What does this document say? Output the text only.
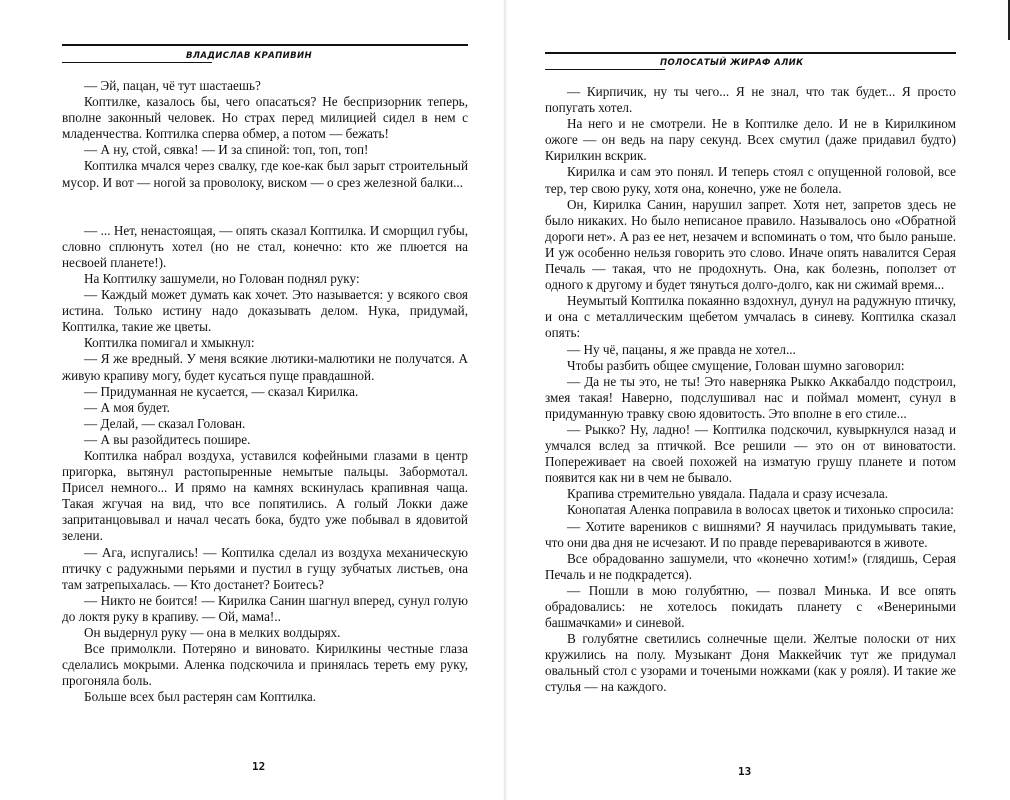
ВЛАДИСЛАВ КРАПИВИН

— Эй, пацан, чё тут шастаешь?

Коптилке, казалось бы, чего опасаться? Не беспризорник теперь, вполне законный человек. Но страх перед милицией сидел в нем с младенчества. Коптилка сперва обмер, а потом — бежать!

— А ну, стой, сявка! — И за спиной: топ, топ, топ!

Коптилка мчался через свалку, где кое-как был зарыт строительный мусор. И вот — ногой за проволоку, виском — о срез железной балки...

— ... Нет, ненастоящая, — опять сказал Коптилка. И сморщил губы, словно сплюнуть хотел (но не стал, конечно: кто же плюется на несвоей планете!).

На Коптилку зашумели, но Голован поднял руку:

— Каждый может думать как хочет. Это называется: у всякого своя истина. Только истину надо доказывать делом. Нука, придумай, Коптилка, такие же цветы.

Коптилка помигал и хмыкнул:

— Я же вредный. У меня всякие лютики-малютики не получатся. А живую крапиву могу, будет кусаться пуще правдашной.

— Придуманная не кусается, — сказал Кирилка.

— А моя будет.

— Делай, — сказал Голован.

— А вы разойдитесь пошире.

Коптилка набрал воздуха, уставился кофейными глазами в центр пригорка, вытянул растопыренные немытые пальцы. Забормотал. Присел немного... И прямо на камнях вскинулась крапивная чаща. Такая жгучая на вид, что все попятились. А голый Локки даже запританцовывал и начал чесать бока, будто уже побывал в ядовитой зелени.

— Ага, испугались! — Коптилка сделал из воздуха механическую птичку с радужными перьями и пустил в гущу зубчатых листьев, она там затрепыхалась. — Кто достанет? Боитесь?

— Никто не боится! — Кирилка Санин шагнул вперед, сунул голую до локтя руку в крапиву. — Ой, мама!..

Он выдернул руку — она в мелких волдырях.

Все примолкли. Потеряно и виновато. Кирилкины честные глаза сделались мокрыми. Аленка подскочила и принялась тереть ему руку, прогоняла боль.

Больше всех был растерян сам Коптилка.

12
ПОЛОСАТЫЙ ЖИРАФ АЛИК

— Кирпичик, ну ты чего... Я не знал, что так будет... Я просто попугать хотел.

На него и не смотрели. Не в Коптилке дело. И не в Кирилкином ожоге — он ведь на пару секунд. Всех смутил (даже придавил будто) Кирилкин вскрик.

Кирилка и сам это понял. И теперь стоял с опущенной головой, все тер, тер свою руку, хотя она, конечно, уже не болела.

Он, Кирилка Санин, нарушил запрет. Хотя нет, запретов здесь не было никаких. Но было неписаное правило. Называлось оно «Обратной дороги нет». А раз ее нет, незачем и вспоминать о том, что было раньше. И уж особенно нельзя говорить это слово. Иначе опять навалится Серая Печаль — такая, что не продохнуть. Она, как болезнь, поползет от одного к другому и будет тянуться долго-долго, как ни сжимай время...

Неумытый Коптилка покаянно вздохнул, дунул на радужную птичку, и она с металлическим щебетом умчалась в синеву. Коптилка сказал опять:

— Ну чё, пацаны, я же правда не хотел...

Чтобы разбить общее смущение, Голован шумно заговорил:

— Да не ты это, не ты! Это наверняка Рыкко Аккабалдо подстроил, змея такая! Наверно, подслушивал нас и поймал момент, сунул в придуманную травку свою ядовитость. Это вполне в его стиле...

— Рыкко? Ну, ладно! — Коптилка подскочил, кувыркнулся назад и умчался вслед за птичкой. Все решили — это он от виноватости. Попереживает на своей похожей на изматую грушу планете и потом появится как ни в чем не бывало.

Крапива стремительно увядала. Падала и сразу исчезала.

Конопатая Аленка поправила в волосах цветок и тихонько спросила:

— Хотите вареников с вишнями? Я научилась придумывать такие, что они два дня не исчезают. И по правде перевариваются в животе.

Все обрадованно зашумели, что «конечно хотим!» (глядишь, Серая Печаль и не подкрадется).

— Пошли в мою голубятню, — позвал Минька. И все опять обрадовались: не хотелось покидать планету с «Венериными башмачками» и синевой.

В голубятне светились солнечные щели. Желтые полоски от них кружились на полу. Музыкант Доня Маккейчик тут же придумал овальный стол с узорами и точеными ножками (как у рояля). И такие же стулья — на каждого.

13
